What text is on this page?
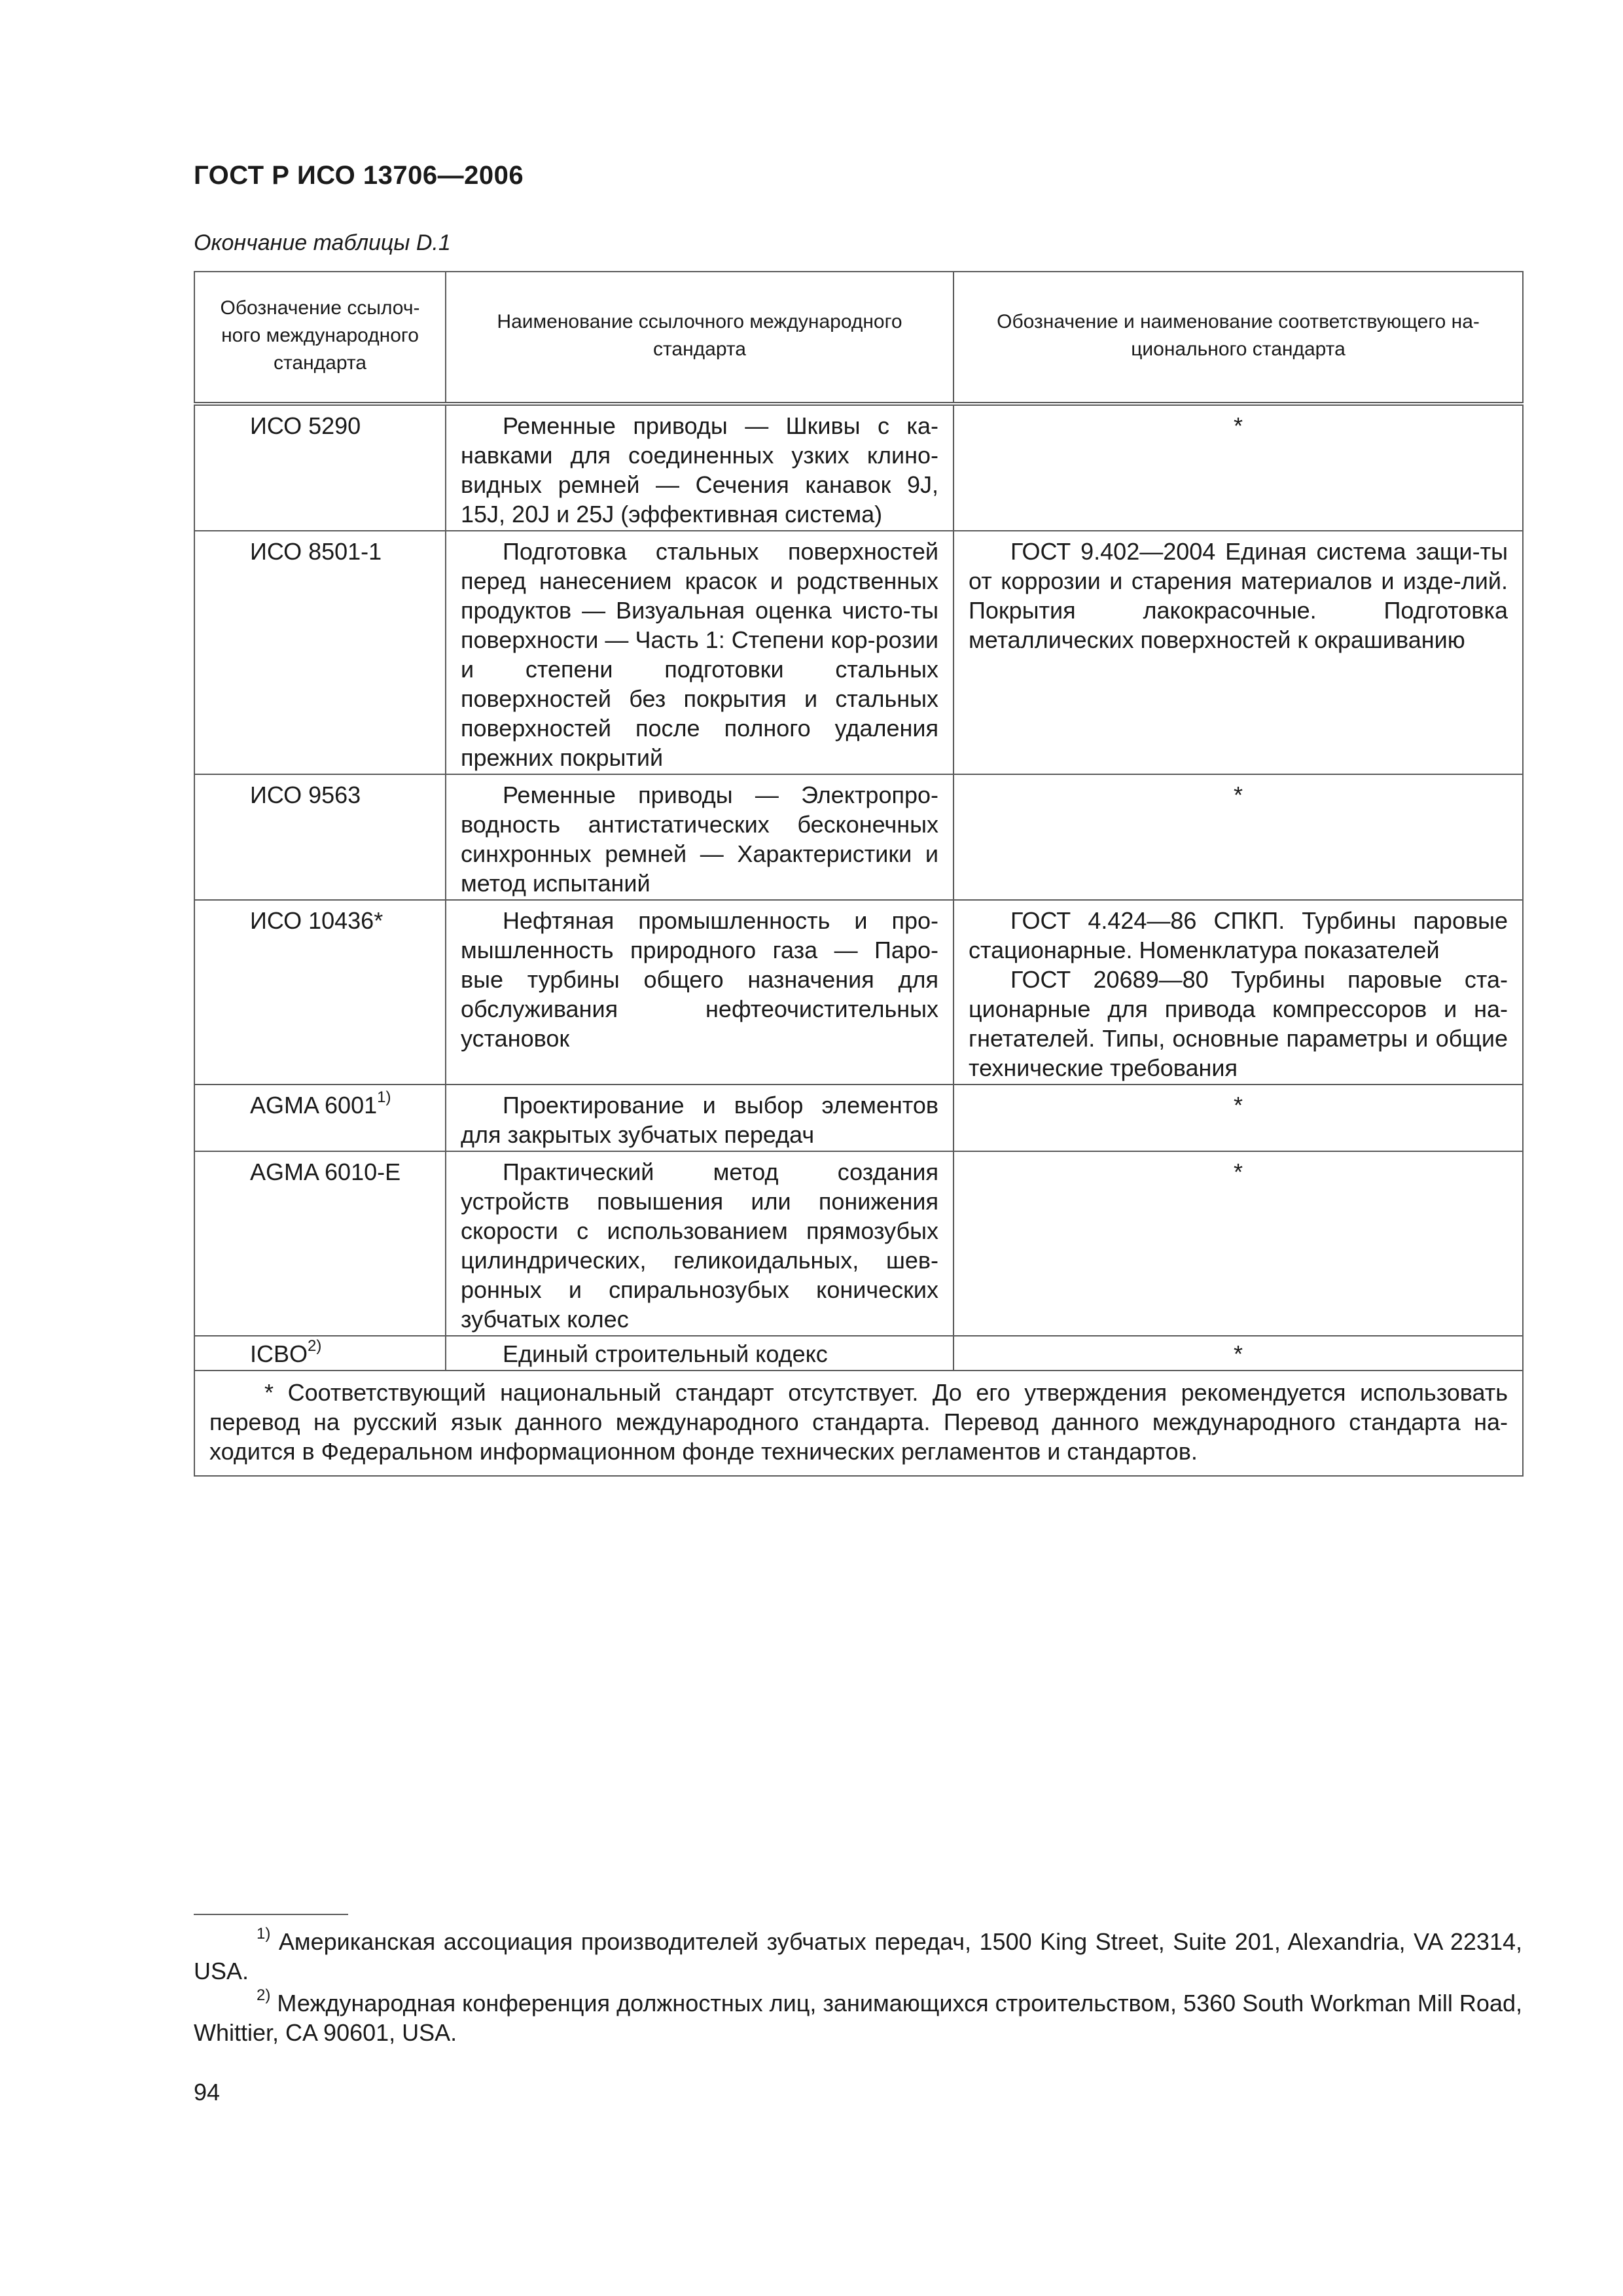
ГОСТ Р ИСО 13706—2006
Окончание таблицы D.1
Обозначение ссылоч-ного международного стандарта	Наименование ссылочного международного стандарта	Обозначение и наименование соответствующего на-ционального стандарта
ИСО 5290	Ременные приводы — Шкивы с ка-навками для соединенных узких клино-видных ремней — Сечения канавок 9J, 15J, 20J и 25J (эффективная система)	*
ИСО 8501-1	Подготовка стальных поверхностей перед нанесением красок и родственных продуктов — Визуальная оценка чисто-ты поверхности — Часть 1: Степени кор-розии и степени подготовки стальных поверхностей без покрытия и стальных поверхностей после полного удаления прежних покрытий	ГОСТ 9.402—2004 Единая система защи-ты от коррозии и старения материалов и изде-лий. Покрытия лакокрасочные. Подготовка металлических поверхностей к окрашиванию
ИСО 9563	Ременные приводы — Электропро-водность антистатических бесконечных синхронных ремней — Характеристики и метод испытаний	*
ИСО 10436*	Нефтяная промышленность и про-мышленность природного газа — Паро-вые турбины общего назначения для обслуживания нефтеочистительных установок	ГОСТ 4.424—86 СПКП. Турбины паровые стационарные. Номенклатура показателей
ГОСТ 20689—80 Турбины паровые ста-ционарные для привода компрессоров и на-гнетателей. Типы, основные параметры и общие технические требования

AGMA 6001$^{1)}$	Проектирование и выбор элементов для закрытых зубчатых передач	*
AGMA 6010-E	Практический метод создания устройств повышения или понижения скорости с использованием прямозубых цилиндрических, геликоидальных, шев-ронных и спиральнозубых конических зубчатых колес	*
ICBO$^{2)}$	Единый строительный кодекс	*
* Соответствующий национальный стандарт отсутствует. До его утверждения рекомендуется использовать перевод на русский язык данного международного стандарта. Перевод данного международного стандарта на-ходится в Федеральном информационном фонде технических регламентов и стандартов.		

$^{1)}$ Американская ассоциация производителей зубчатых передач, 1500 King Street, Suite 201, Alexandria, VA 22314, USA.

$^{2)}$ Международная конференция должностных лиц, занимающихся строительством, 5360 South Workman Mill Road, Whittier, CA 90601, USA.

94
